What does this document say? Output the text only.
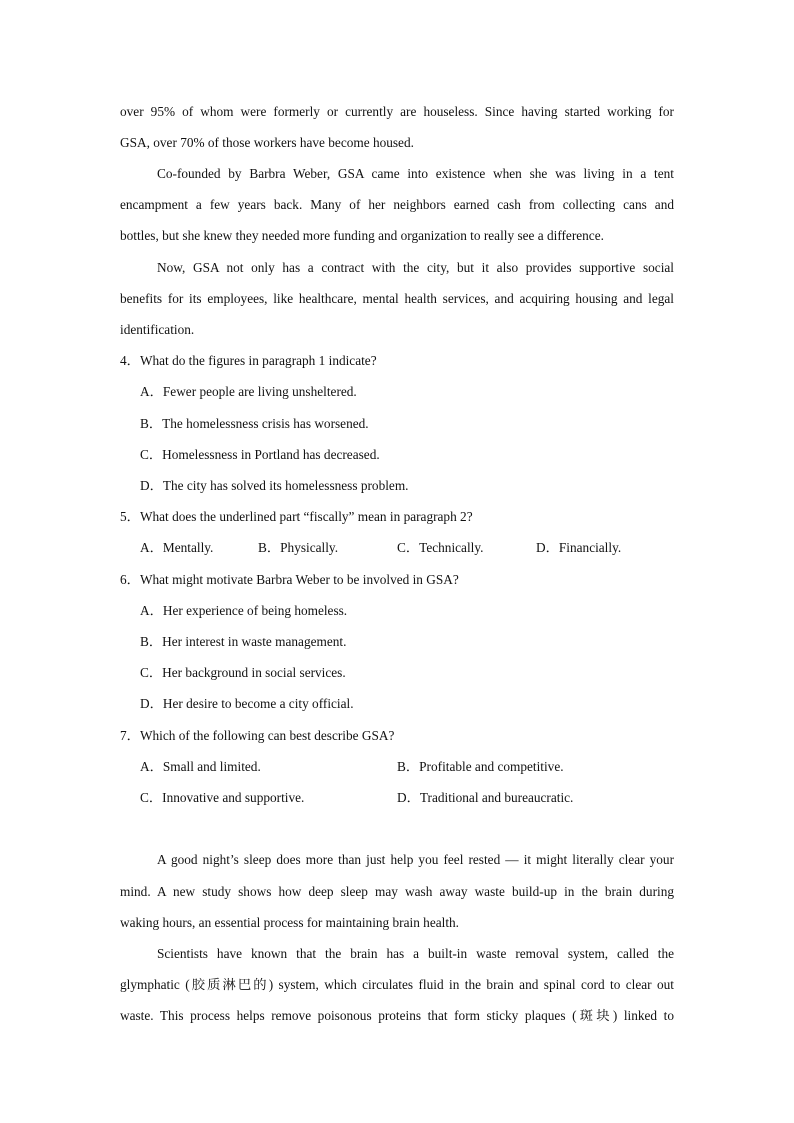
over 95% of whom were formerly or currently are houseless. Since having started working for
GSA, over 70% of those workers have become housed.
Co-founded by Barbra Weber, GSA came into existence when she was living in a tent
encampment a few years back. Many of her neighbors earned cash from collecting cans and
bottles, but she knew they needed more funding and organization to really see a difference.
Now, GSA not only has a contract with the city, but it also provides supportive social
benefits for its employees, like healthcare, mental health services, and acquiring housing and legal
identification.
4．What do the figures in paragraph 1 indicate?
A．Fewer people are living unsheltered.
B．The homelessness crisis has worsened.
C．Homelessness in Portland has decreased.
D．The city has solved its homelessness problem.
5．What does the underlined part “fiscally” mean in paragraph 2?
A．Mentally.	B．Physically.	C．Technically.	D．Financially.
6．What might motivate Barbra Weber to be involved in GSA?
A．Her experience of being homeless.
B．Her interest in waste management.
C．Her background in social services.
D．Her desire to become a city official.
7．Which of the following can best describe GSA?
A．Small and limited.	B．Profitable and competitive.
C．Innovative and supportive.	D．Traditional and bureaucratic.
A good night’s sleep does more than just help you feel rested — it might literally clear your
mind. A new study shows how deep sleep may wash away waste build-up in the brain during
waking hours, an essential process for maintaining brain health.
Scientists have known that the brain has a built-in waste removal system, called the
glymphatic (胶质淋巴的) system, which circulates fluid in the brain and spinal cord to clear out
waste. This process helps remove poisonous proteins that form sticky plaques (斑块) linked to
